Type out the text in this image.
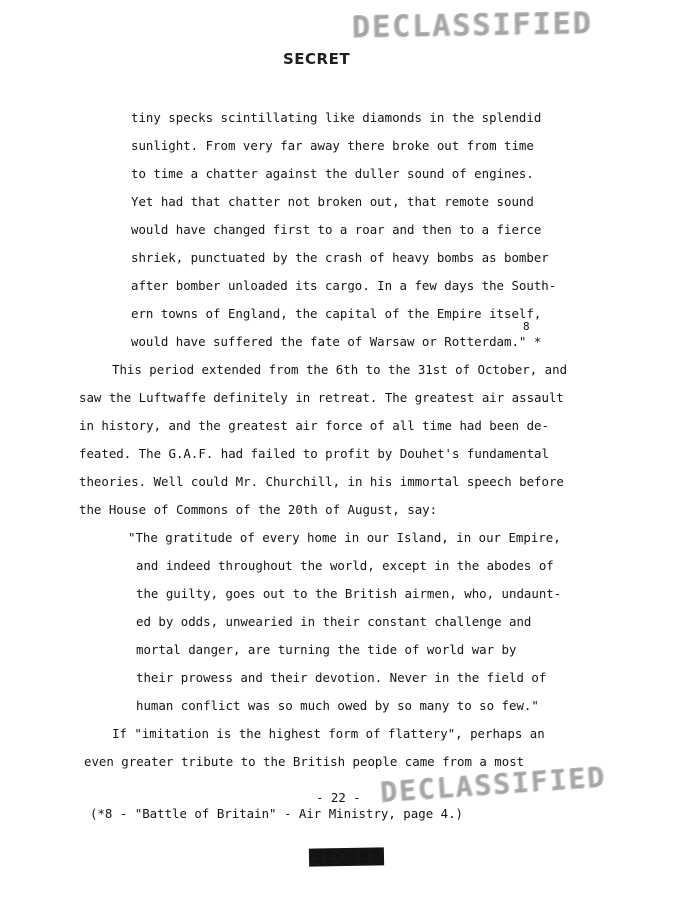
DECLASSIFIED
SECRET
tiny specks scintillating like diamonds in the splendid
sunlight. From very far away there broke out from time
to time a chatter against the duller sound of engines.
Yet had that chatter not broken out, that remote sound
would have changed first to a roar and then to a fierce
shriek, punctuated by the crash of heavy bombs as bomber
after bomber unloaded its cargo. In a few days the South-
ern towns of England, the capital of the Empire itself,
would have suffered the fate of Warsaw or Rotterdam." *
8
This period extended from the 6th to the 31st of October, and
saw the Luftwaffe definitely in retreat. The greatest air assault
in history, and the greatest air force of all time had been de-
feated. The G.A.F. had failed to profit by Douhet's fundamental
theories. Well could Mr. Churchill, in his immortal speech before
the House of Commons of the 20th of August, say:
"The gratitude of every home in our Island, in our Empire,
and indeed throughout the world, except in the abodes of
the guilty, goes out to the British airmen, who, undaunt-
ed by odds, unwearied in their constant challenge and
mortal danger, are turning the tide of world war by
their prowess and their devotion. Never in the field of
human conflict was so much owed by so many to so few."
If "imitation is the highest form of flattery", perhaps an
even greater tribute to the British people came from a most
DECLASSIFIED
- 22 -
(*8 - "Battle of Britain" - Air Ministry, page 4.)
SECRET
